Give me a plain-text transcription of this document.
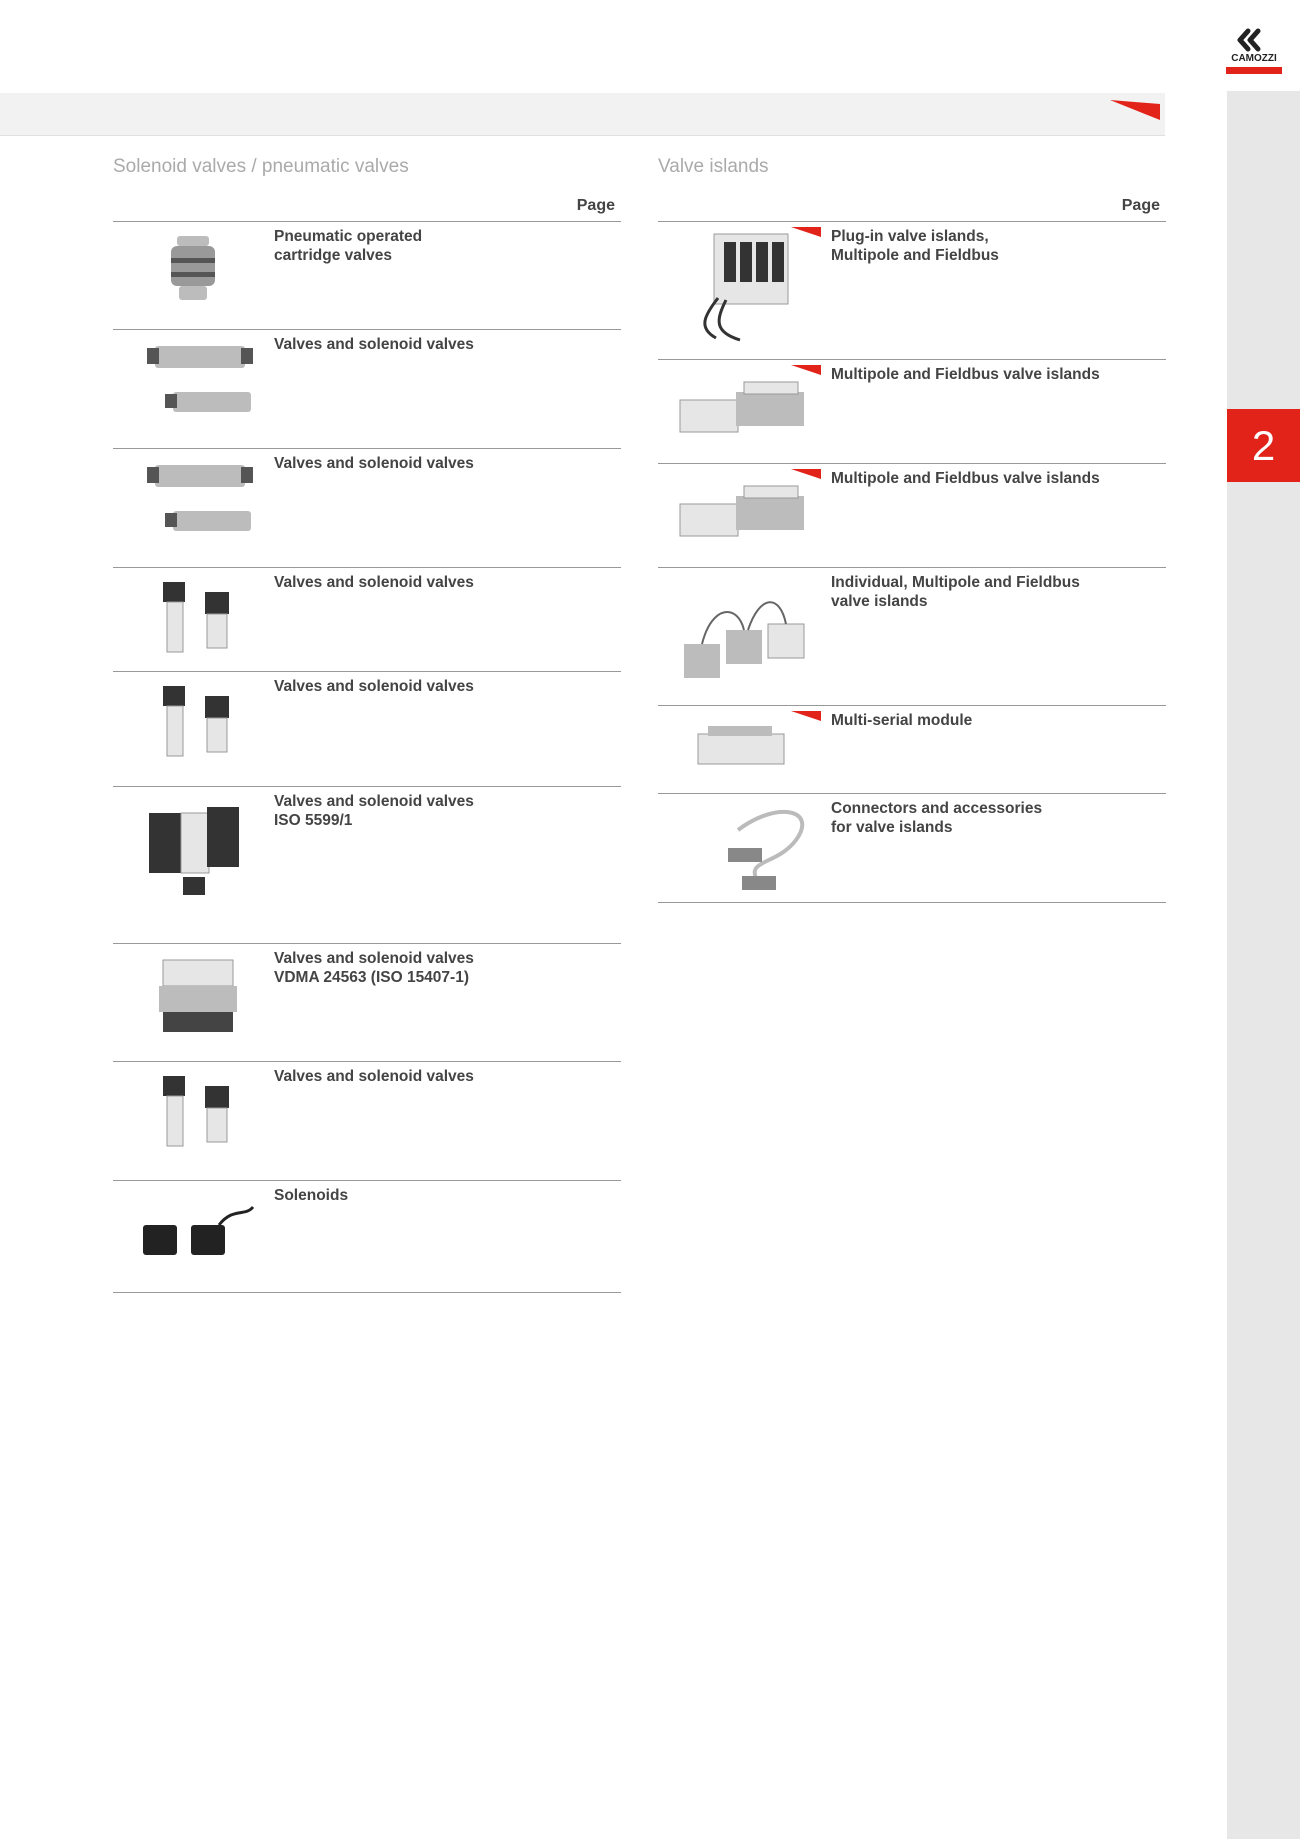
2
CAMOZZI
Solenoid valves / pneumatic valves	Valve islands
Page
Pneumatic operated
cartridge valves
Valves and solenoid valves
Valves and solenoid valves
Valves and solenoid valves
Valves and solenoid valves
Valves and solenoid valves
ISO 5599/1
Valves and solenoid valves
VDMA 24563 (ISO 15407-1)
Valves and solenoid valves
Solenoids
Page
Plug-in valve islands,
Multipole and Fieldbus
Multipole and Fieldbus valve islands
Multipole and Fieldbus valve islands
Individual, Multipole and Fieldbus
valve islands
Multi-serial module
Connectors and accessories
for valve islands
